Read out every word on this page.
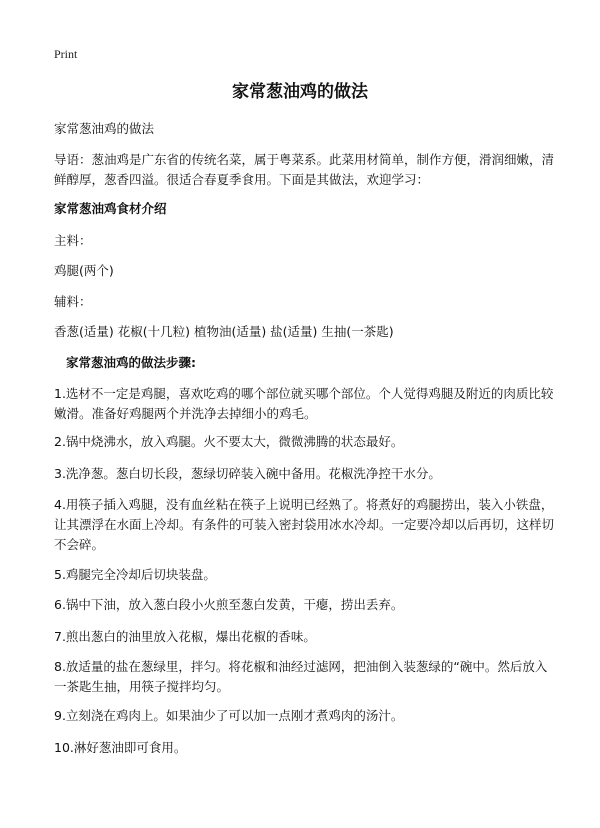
Print
家常葱油鸡的做法

家常葱油鸡的做法

导语：葱油鸡是广东省的传统名菜，属于粤菜系。此菜用材简单，制作方便，滑润细嫩，清鲜醇厚，葱香四溢。很适合春夏季食用。下面是其做法，欢迎学习：

家常葱油鸡食材介绍

主料：

鸡腿(两个)

辅料：

香葱(适量) 花椒(十几粒) 植物油(适量) 盐(适量) 生抽(一茶匙)

家常葱油鸡的做法步骤:

1.选材不一定是鸡腿，喜欢吃鸡的哪个部位就买哪个部位。个人觉得鸡腿及附近的肉质比较嫩滑。准备好鸡腿两个并洗净去掉细小的鸡毛。

2.锅中烧沸水，放入鸡腿。火不要太大，微微沸腾的状态最好。

3.洗净葱。葱白切长段，葱绿切碎装入碗中备用。花椒洗净控干水分。

4.用筷子插入鸡腿，没有血丝粘在筷子上说明已经熟了。将煮好的鸡腿捞出，装入小铁盘，让其漂浮在水面上冷却。有条件的可装入密封袋用冰水冷却。一定要冷却以后再切，这样切不会碎。

5.鸡腿完全冷却后切块装盘。

6.锅中下油，放入葱白段小火煎至葱白发黄，干瘪，捞出丢弃。

7.煎出葱白的油里放入花椒，爆出花椒的香味。

8.放适量的盐在葱绿里，拌匀。将花椒和油经过滤网，把油倒入装葱绿的“碗中。然后放入一茶匙生抽，用筷子搅拌均匀。

9.立刻浇在鸡肉上。如果油少了可以加一点刚才煮鸡肉的汤汁。

10.淋好葱油即可食用。
